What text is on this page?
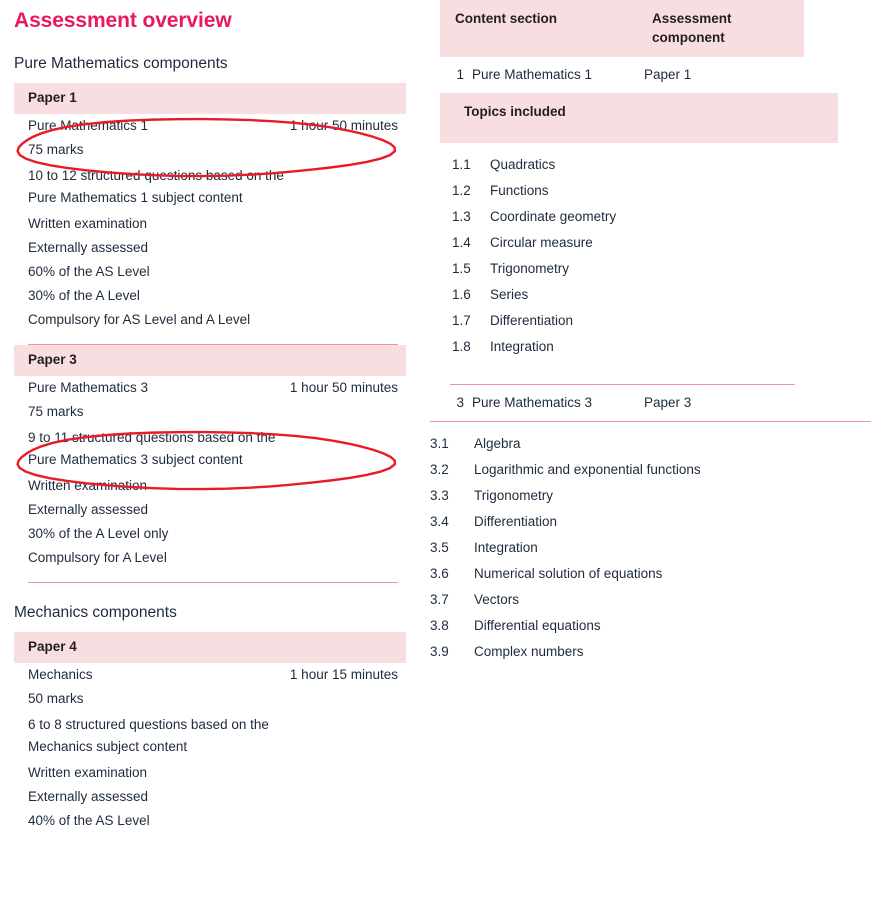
Assessment overview
Pure Mathematics components
Paper 1
Pure Mathematics 1	1 hour 50 minutes
75 marks
10 to 12 structured questions based on the
Pure Mathematics 1 subject content
Written examination
Externally assessed
60% of the AS Level
30% of the A Level
Compulsory for AS Level and A Level
Paper 3
Pure Mathematics 3	1 hour 50 minutes
75 marks
9 to 11 structured questions based on the
Pure Mathematics 3 subject content
Written examination
Externally assessed
30% of the A Level only
Compulsory for A Level
Mechanics components
Paper 4
Mechanics	1 hour 15 minutes
50 marks
6 to 8 structured questions based on the
Mechanics subject content
Written examination
Externally assessed
40% of the AS Level
Content section	Assessment
component
1 Pure Mathematics 1	Paper 1
Topics included
1.1	Quadratics
1.2	Functions
1.3	Coordinate geometry
1.4	Circular measure
1.5	Trigonometry
1.6	Series
1.7	Differentiation
1.8	Integration
3 Pure Mathematics 3	Paper 3
3.1	Algebra
3.2	Logarithmic and exponential functions
3.3	Trigonometry
3.4	Differentiation
3.5	Integration
3.6	Numerical solution of equations
3.7	Vectors
3.8	Differential equations
3.9	Complex numbers
